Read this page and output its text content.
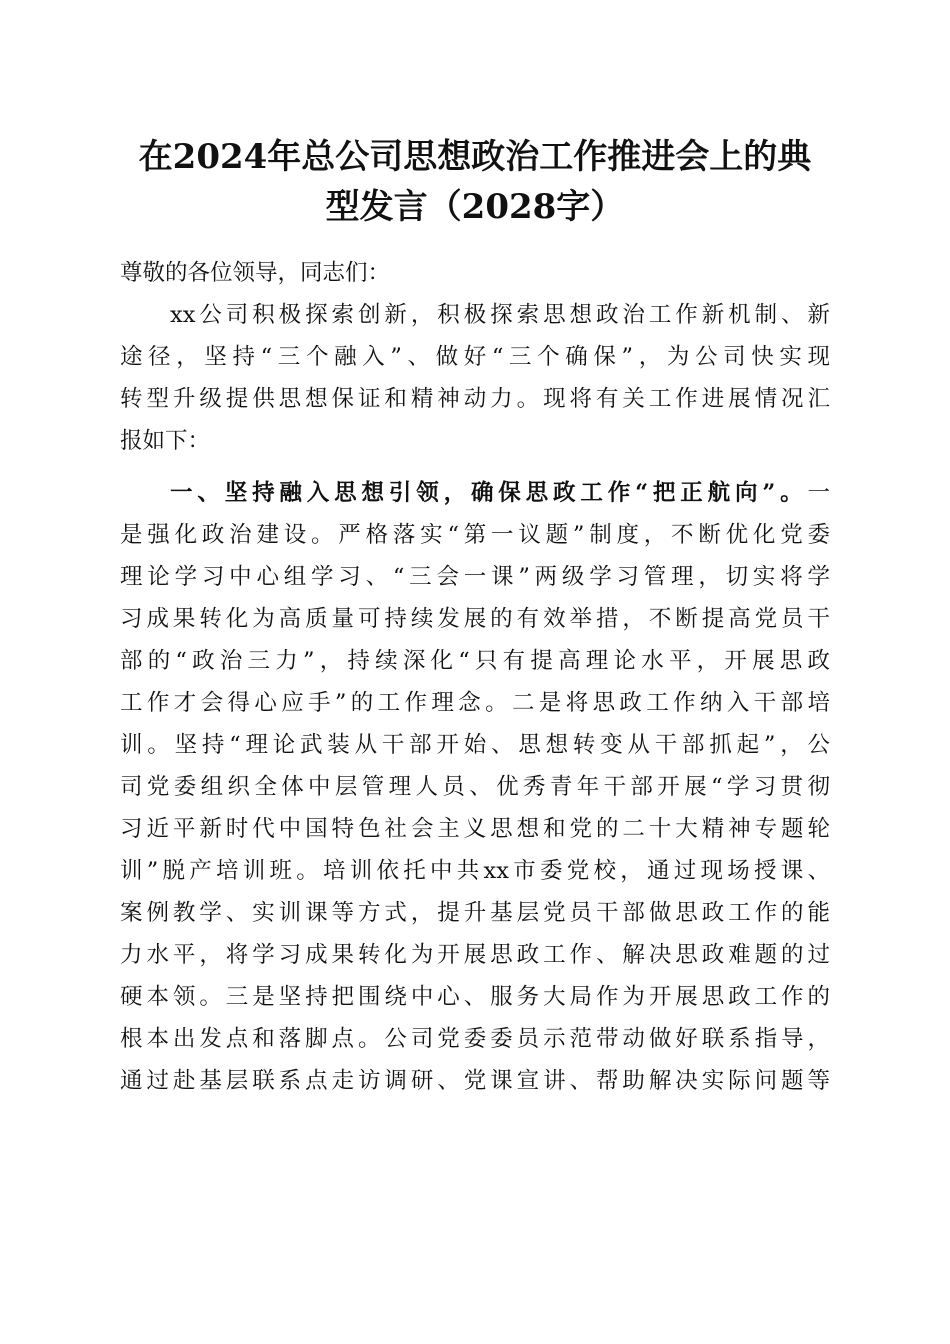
在2024年总公司思想政治工作推进会上的典
型发言（2028字）
尊敬的各位领导，同志们：
xx公司积极探索创新，积极探索思想政治工作新机制、新
途径，坚持“三个融入”、做好“三个确保”，为公司快实现
转型升级提供思想保证和精神动力。现将有关工作进展情况汇
报如下：
一、坚持融入思想引领，确保思政工作“把正航向”。一
是强化政治建设。严格落实“第一议题”制度，不断优化党委
理论学习中心组学习、“三会一课”两级学习管理，切实将学
习成果转化为高质量可持续发展的有效举措，不断提高党员干
部的“政治三力”，持续深化“只有提高理论水平，开展思政
工作才会得心应手”的工作理念。二是将思政工作纳入干部培
训。坚持“理论武装从干部开始、思想转变从干部抓起”，公
司党委组织全体中层管理人员、优秀青年干部开展“学习贯彻
习近平新时代中国特色社会主义思想和党的二十大精神专题轮
训”脱产培训班。培训依托中共xx市委党校，通过现场授课、
案例教学、实训课等方式，提升基层党员干部做思政工作的能
力水平，将学习成果转化为开展思政工作、解决思政难题的过
硬本领。三是坚持把围绕中心、服务大局作为开展思政工作的
根本出发点和落脚点。公司党委委员示范带动做好联系指导，
通过赴基层联系点走访调研、党课宣讲、帮助解决实际问题等
